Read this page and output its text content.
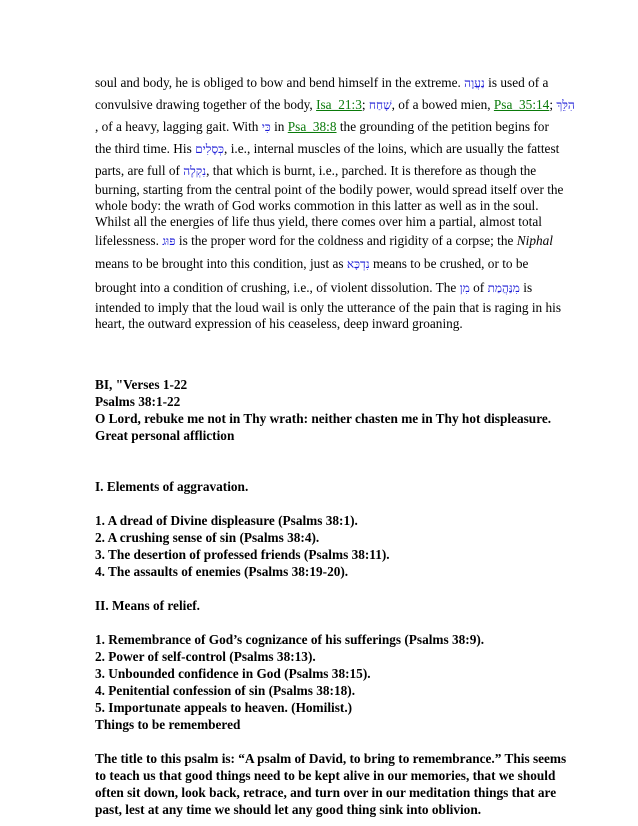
soul and body, he is obliged to bow and bend himself in the extreme. נַעֲוָה is used of a
convulsive drawing together of the body, Isa_21:3; שָׁחַח, of a bowed mien, Psa_35:14; הִלֵּךְ
, of a heavy, lagging gait. With כִּי in Psa_38:8 the grounding of the petition begins for
the third time. His כְּסָלִים, i.e., internal muscles of the loins, which are usually the fattest
parts, are full of נִקְלֶה, that which is burnt, i.e., parched. It is therefore as though the
burning, starting from the central point of the bodily power, would spread itself over the
whole body: the wrath of God works commotion in this latter as well as in the soul.
Whilst all the energies of life thus yield, there comes over him a partial, almost total
lifelessness. פּוּג is the proper word for the coldness and rigidity of a corpse; the Niphal
means to be brought into this condition, just as נִדְכָּא means to be crushed, or to be
brought into a condition of crushing, i.e., of violent dissolution. The מִן of מִנַּהֲמַת is
intended to imply that the loud wail is only the utterance of the pain that is raging in his
heart, the outward expression of his ceaseless, deep inward groaning.
BI, "Verses 1-22
Psalms 38:1-22
O Lord, rebuke me not in Thy wrath: neither chasten me in Thy hot displeasure.
Great personal affliction
I. Elements of aggravation.
1. A dread of Divine displeasure (Psalms 38:1).
2. A crushing sense of sin (Psalms 38:4).
3. The desertion of professed friends (Psalms 38:11).
4. The assaults of enemies (Psalms 38:19-20).
II. Means of relief.
1. Remembrance of God’s cognizance of his sufferings (Psalms 38:9).
2. Power of self-control (Psalms 38:13).
3. Unbounded confidence in God (Psalms 38:15).
4. Penitential confession of sin (Psalms 38:18).
5. Importunate appeals to heaven. (Homilist.)
Things to be remembered
The title to this psalm is: “A psalm of David, to bring to remembrance.” This seems
to teach us that good things need to be kept alive in our memories, that we should
often sit down, look back, retrace, and turn over in our meditation things that are
past, lest at any time we should let any good thing sink into oblivion.
